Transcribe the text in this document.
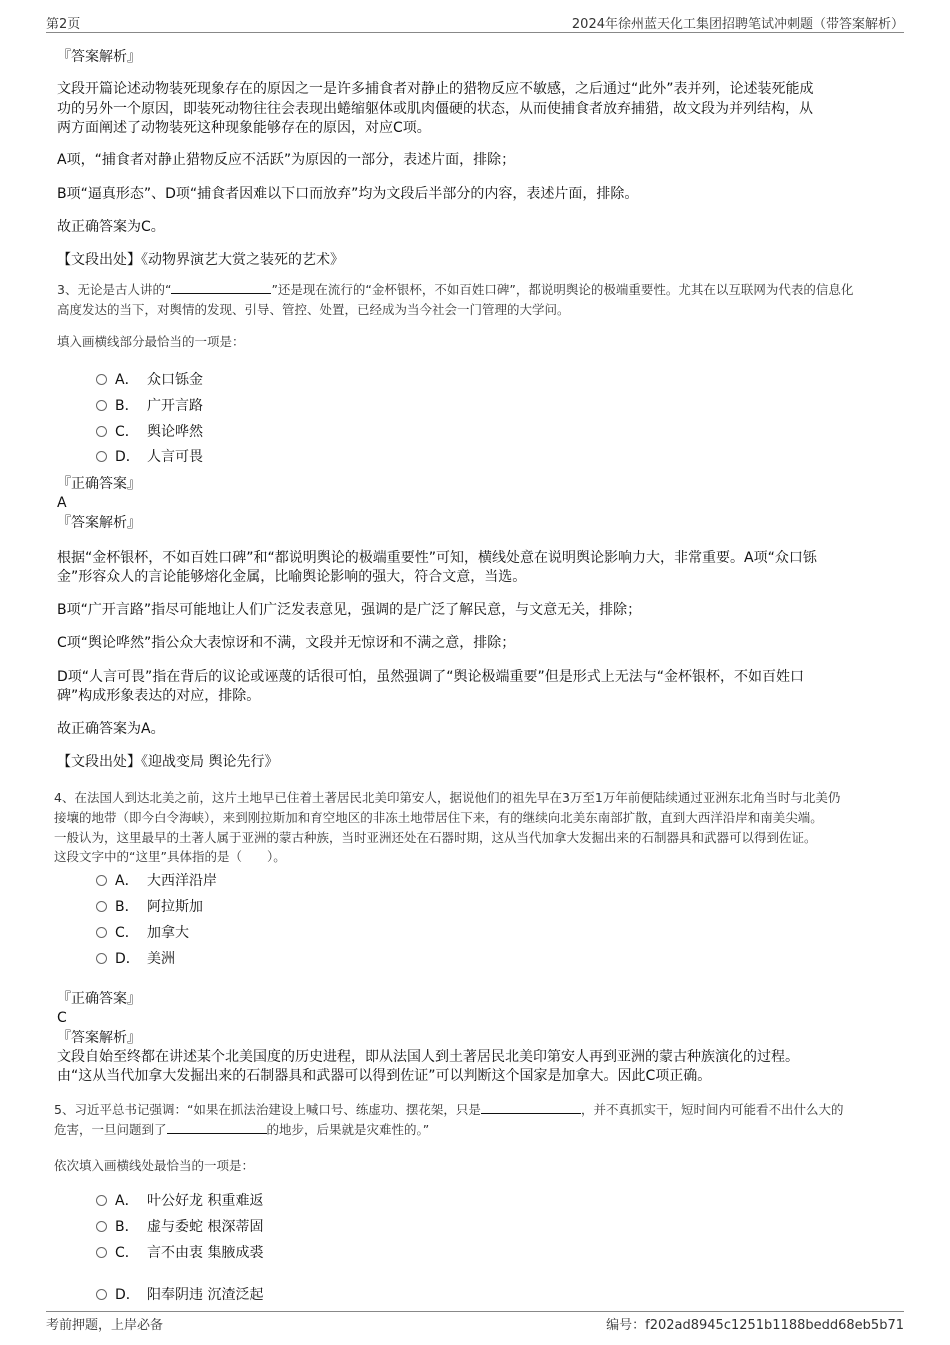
第2页	2024年徐州蓝天化工集团招聘笔试冲刺题（带答案解析）
『答案解析』
文段开篇论述动物装死现象存在的原因之一是许多捕食者对静止的猎物反应不敏感，之后通过“此外”表并列，论述装死能成
功的另外一个原因，即装死动物往往会表现出蜷缩躯体或肌肉僵硬的状态，从而使捕食者放弃捕猎，故文段为并列结构，从
两方面阐述了动物装死这种现象能够存在的原因，对应C项。
A项，“捕食者对静止猎物反应不活跃”为原因的一部分，表述片面，排除；
B项“逼真形态”、D项“捕食者因难以下口而放弃”均为文段后半部分的内容，表述片面，排除。
故正确答案为C。
【文段出处】《动物界演艺大赏之装死的艺术》
3、无论是古人讲的“	”还是现在流行的“金杯银杯，不如百姓口碑”，都说明舆论的极端重要性。尤其在以互联网为代表的信息化
高度发达的当下，对舆情的发现、引导、管控、处置，已经成为当今社会一门管理的大学问。
填入画横线部分最恰当的一项是：
A． 众口铄金
B． 广开言路
C． 舆论哗然
D． 人言可畏
『正确答案』
A
『答案解析』
根据“金杯银杯，不如百姓口碑”和“都说明舆论的极端重要性”可知，横线处意在说明舆论影响力大，非常重要。A项“众口铄
金”形容众人的言论能够熔化金属，比喻舆论影响的强大，符合文意，当选。
B项“广开言路”指尽可能地让人们广泛发表意见，强调的是广泛了解民意，与文意无关，排除；
C项“舆论哗然”指公众大表惊讶和不满，文段并无惊讶和不满之意，排除；
D项“人言可畏”指在背后的议论或诬蔑的话很可怕，虽然强调了“舆论极端重要”但是形式上无法与“金杯银杯，不如百姓口
碑”构成形象表达的对应，排除。
故正确答案为A。
【文段出处】《迎战变局 舆论先行》
4、在法国人到达北美之前，这片土地早已住着土著居民北美印第安人，据说他们的祖先早在3万至1万年前便陆续通过亚洲东北角当时与北美仍
接壤的地带（即今白令海峡），来到刚拉斯加和育空地区的非冻土地带居住下来，有的继续向北美东南部扩散，直到大西洋沿岸和南美尖端。
一般认为，这里最早的土著人属于亚洲的蒙古种族，当时亚洲还处在石器时期，这从当代加拿大发掘出来的石制器具和武器可以得到佐证。
这段文字中的“这里”具体指的是（　　）。
A． 大西洋沿岸
B． 阿拉斯加
C． 加拿大
D． 美洲
『正确答案』
C
『答案解析』
文段自始至终都在讲述某个北美国度的历史进程，即从法国人到土著居民北美印第安人再到亚洲的蒙古种族演化的过程。
由“这从当代加拿大发掘出来的石制器具和武器可以得到佐证”可以判断这个国家是加拿大。因此C项正确。
5、习近平总书记强调：“如果在抓法治建设上喊口号、练虚功、摆花架，只是	，并不真抓实干，短时间内可能看不出什么大的
危害，一旦问题到了	的地步，后果就是灾难性的。”
依次填入画横线处最恰当的一项是：
A． 叶公好龙 积重难返
B． 虚与委蛇 根深蒂固
C． 言不由衷 集腋成裘
D． 阳奉阴违 沉渣泛起
考前押题，上岸必备	编号：f202ad8945c1251b1188bedd68eb5b71
